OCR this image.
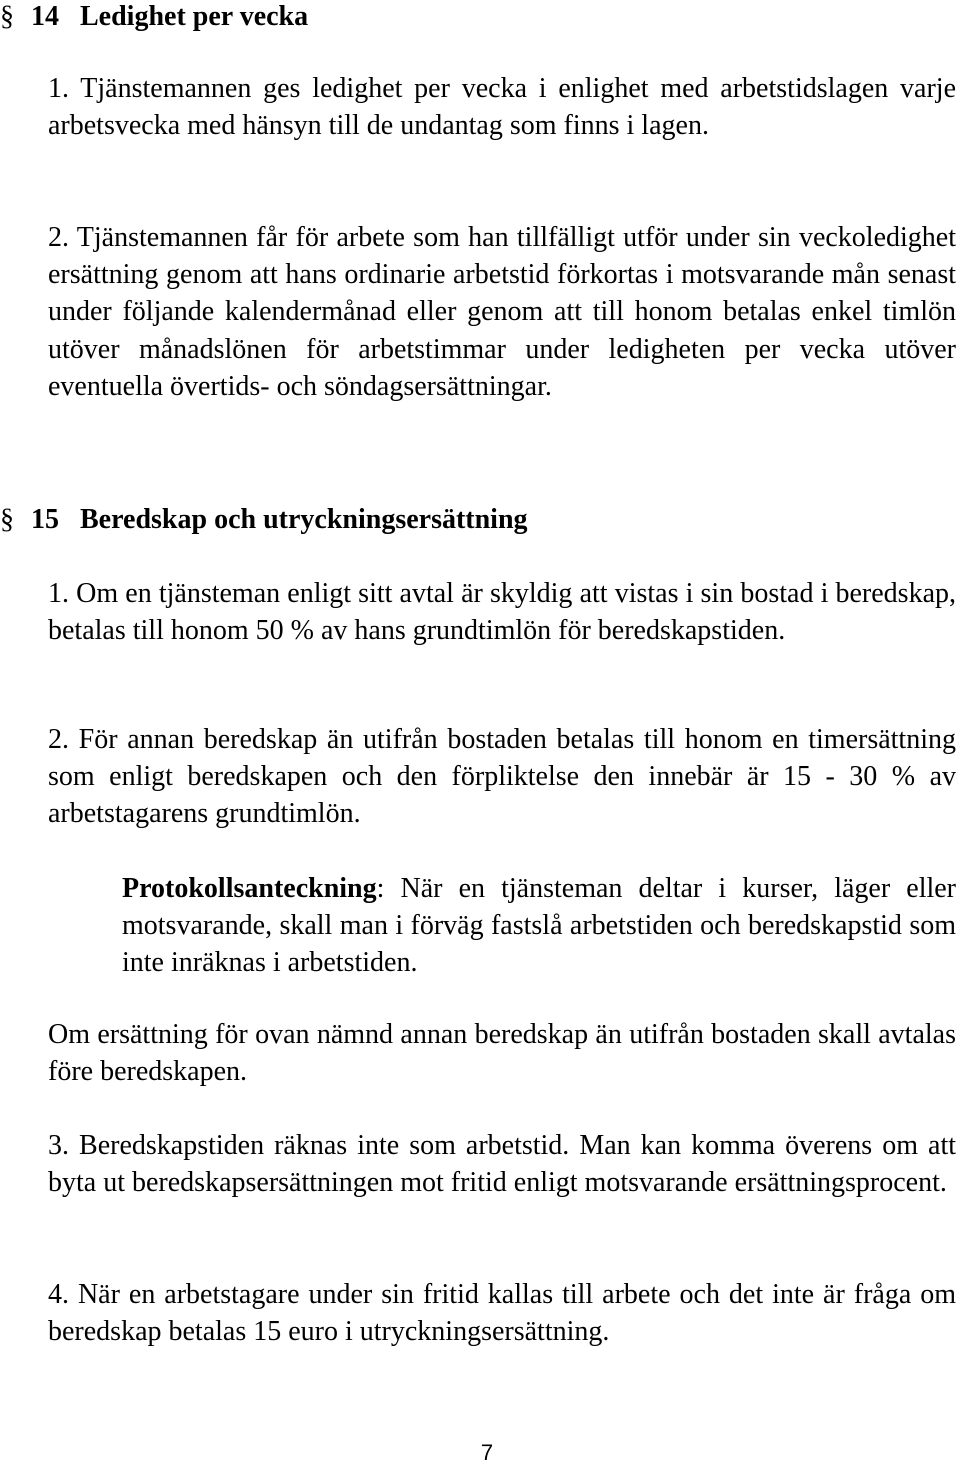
§ 14 Ledighet per vecka

1. Tjänstemannen ges ledighet per vecka i enlighet med arbetstidslagen varje arbetsvecka med hänsyn till de undantag som finns i lagen.

2. Tjänstemannen får för arbete som han tillfälligt utför under sin veckoledighet ersättning genom att hans ordinarie arbetstid förkortas i motsvarande mån senast under följande kalendermånad eller genom att till honom betalas enkel timlön utöver månadslönen för arbetstimmar under ledigheten per vecka utöver eventuella övertids- och söndagsersättningar.

§ 15 Beredskap och utryckningsersättning

1. Om en tjänsteman enligt sitt avtal är skyldig att vistas i sin bostad i beredskap, betalas till honom 50 % av hans grundtimlön för beredskapstiden.

2. För annan beredskap än utifrån bostaden betalas till honom en timersättning som enligt beredskapen och den förpliktelse den innebär är 15 - 30 % av arbetstagarens grundtimlön.

Protokollsanteckning: När en tjänsteman deltar i kurser, läger eller motsvarande, skall man i förväg fastslå arbetstiden och beredskapstid som inte inräknas i arbetstiden.

Om ersättning för ovan nämnd annan beredskap än utifrån bostaden skall avtalas före beredskapen.

3. Beredskapstiden räknas inte som arbetstid. Man kan komma överens om att byta ut beredskapsersättningen mot fritid enligt motsvarande ersättningsprocent.

4. När en arbetstagare under sin fritid kallas till arbete och det inte är fråga om beredskap betalas 15 euro i utryckningsersättning.

7
